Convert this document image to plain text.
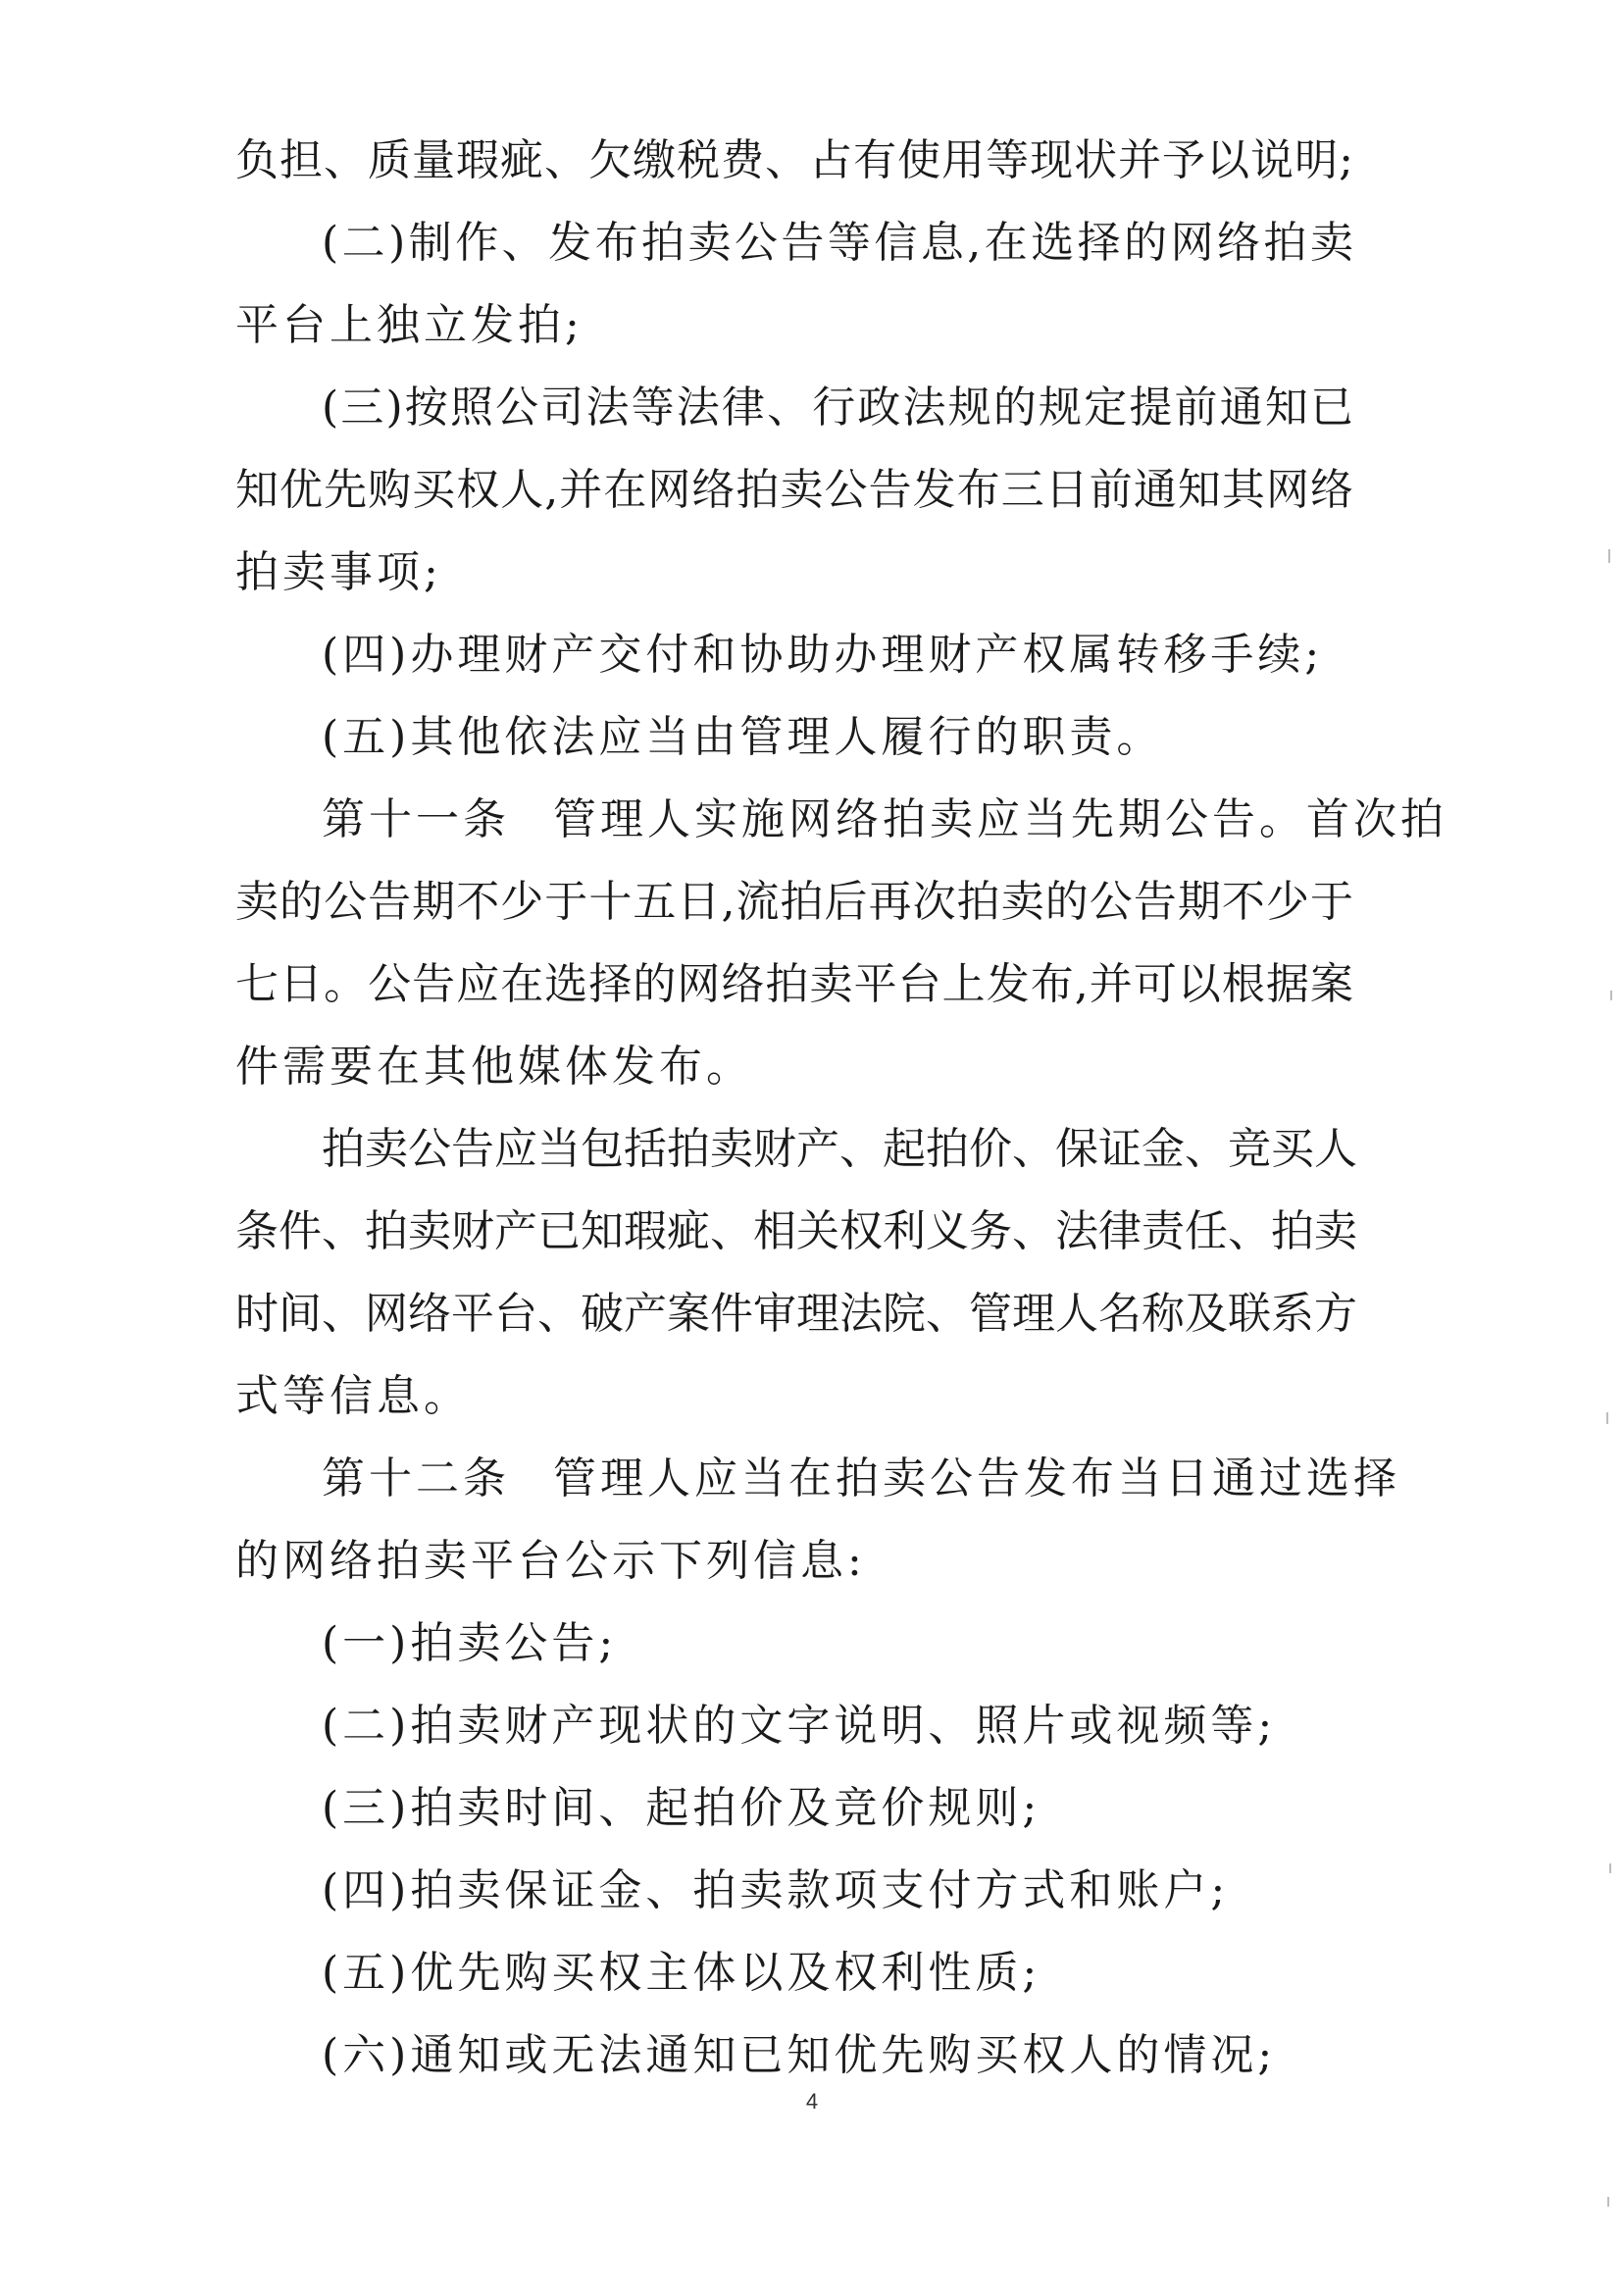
负担、质量瑕疵、欠缴税费、占有使用等现状并予以说明;
(二)制作、发布拍卖公告等信息,在选择的网络拍卖
平台上独立发拍;
(三)按照公司法等法律、行政法规的规定提前通知已
知优先购买权人,并在网络拍卖公告发布三日前通知其网络
拍卖事项;
(四)办理财产交付和协助办理财产权属转移手续;
(五)其他依法应当由管理人履行的职责。
第十一条 管理人实施网络拍卖应当先期公告。首次拍
卖的公告期不少于十五日,流拍后再次拍卖的公告期不少于
七日。公告应在选择的网络拍卖平台上发布,并可以根据案
件需要在其他媒体发布。
拍卖公告应当包括拍卖财产、起拍价、保证金、竞买人
条件、拍卖财产已知瑕疵、相关权利义务、法律责任、拍卖
时间、网络平台、破产案件审理法院、管理人名称及联系方
式等信息。
第十二条 管理人应当在拍卖公告发布当日通过选择
的网络拍卖平台公示下列信息:
(一)拍卖公告;
(二)拍卖财产现状的文字说明、照片或视频等;
(三)拍卖时间、起拍价及竞价规则;
(四)拍卖保证金、拍卖款项支付方式和账户;
(五)优先购买权主体以及权利性质;
(六)通知或无法通知已知优先购买权人的情况;
4
